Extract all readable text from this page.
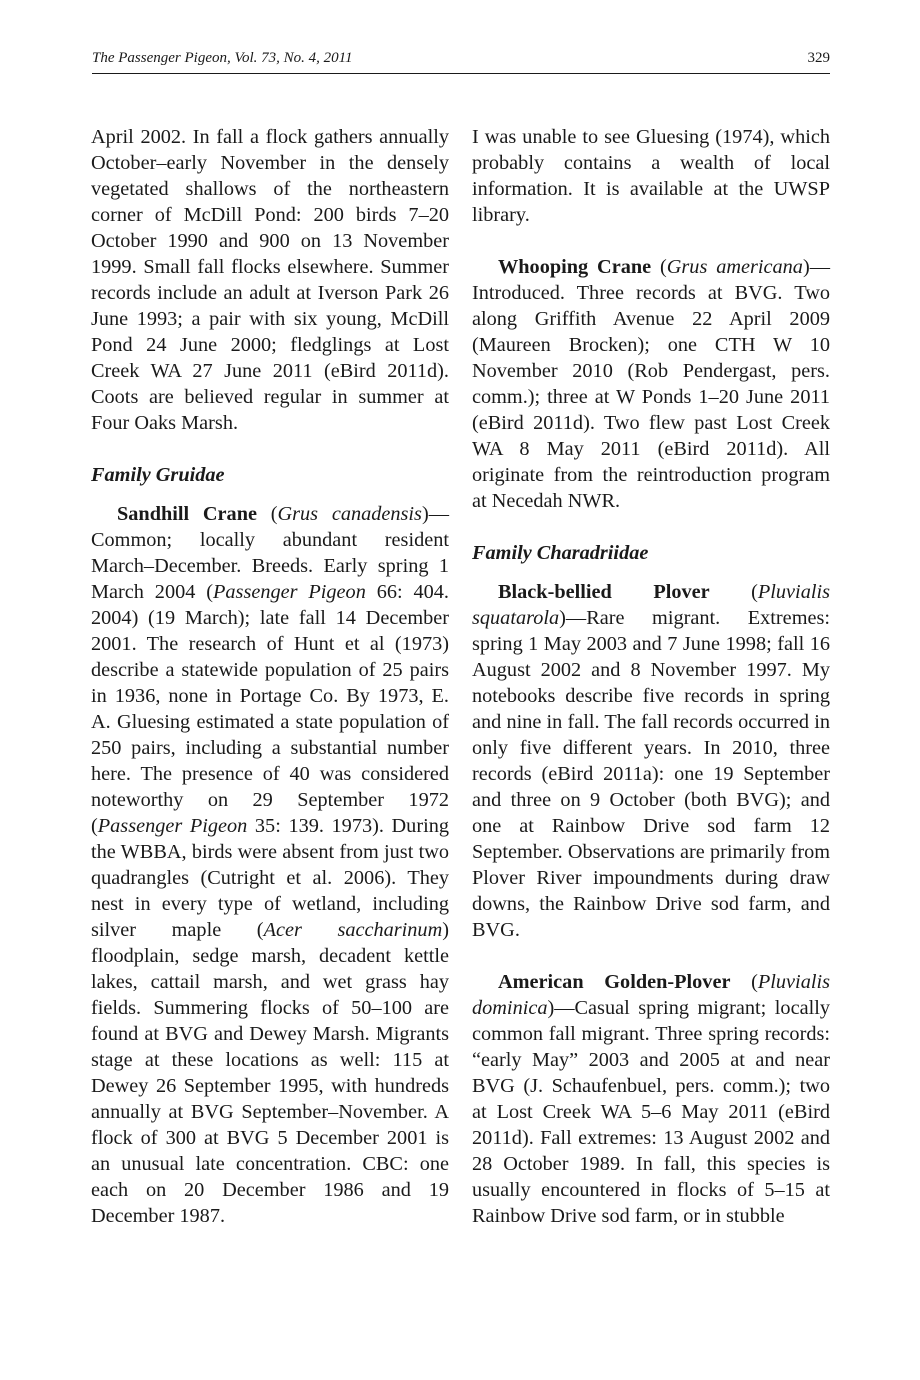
The Passenger Pigeon, Vol. 73, No. 4, 2011	329

April 2002. In fall a flock gathers annually October–early November in the densely vegetated shallows of the northeastern corner of McDill Pond: 200 birds 7–20 October 1990 and 900 on 13 November 1999. Small fall flocks elsewhere. Summer records include an adult at Iverson Park 26 June 1993; a pair with six young, McDill Pond 24 June 2000; fledglings at Lost Creek WA 27 June 2011 (eBird 2011d). Coots are believed regular in summer at Four Oaks Marsh.

Family Gruidae

Sandhill Crane (Grus canadensis)—Common; locally abundant resident March–December. Breeds. Early spring 1 March 2004 (Passenger Pigeon 66: 404. 2004) (19 March); late fall 14 December 2001. The research of Hunt et al (1973) describe a statewide population of 25 pairs in 1936, none in Portage Co. By 1973, E. A. Gluesing estimated a state population of 250 pairs, including a substantial number here. The presence of 40 was considered noteworthy on 29 September 1972 (Passenger Pigeon 35: 139. 1973). During the WBBA, birds were absent from just two quadrangles (Cutright et al. 2006). They nest in every type of wetland, including silver maple (Acer saccharinum) floodplain, sedge marsh, decadent kettle lakes, cattail marsh, and wet grass hay fields. Summering flocks of 50–100 are found at BVG and Dewey Marsh. Migrants stage at these locations as well: 115 at Dewey 26 September 1995, with hundreds annually at BVG September–November. A flock of 300 at BVG 5 December 2001 is an unusual late concentration. CBC: one each on 20 December 1986 and 19 December 1987.

I was unable to see Gluesing (1974), which probably contains a wealth of local information. It is available at the UWSP library.

Whooping Crane (Grus americana)—Introduced. Three records at BVG. Two along Griffith Avenue 22 April 2009 (Maureen Brocken); one CTH W 10 November 2010 (Rob Pendergast, pers. comm.); three at W Ponds 1–20 June 2011 (eBird 2011d). Two flew past Lost Creek WA 8 May 2011 (eBird 2011d). All originate from the reintroduction program at Necedah NWR.

Family Charadriidae

Black-bellied Plover (Pluvialis squatarola)—Rare migrant. Extremes: spring 1 May 2003 and 7 June 1998; fall 16 August 2002 and 8 November 1997. My notebooks describe five records in spring and nine in fall. The fall records occurred in only five different years. In 2010, three records (eBird 2011a): one 19 September and three on 9 October (both BVG); and one at Rainbow Drive sod farm 12 September. Observations are primarily from Plover River impoundments during draw downs, the Rainbow Drive sod farm, and BVG.

American Golden-Plover (Pluvialis dominica)—Casual spring migrant; locally common fall migrant. Three spring records: “early May” 2003 and 2005 at and near BVG (J. Schaufenbuel, pers. comm.); two at Lost Creek WA 5–6 May 2011 (eBird 2011d). Fall extremes: 13 August 2002 and 28 October 1989. In fall, this species is usually encountered in flocks of 5–15 at Rainbow Drive sod farm, or in stubble
